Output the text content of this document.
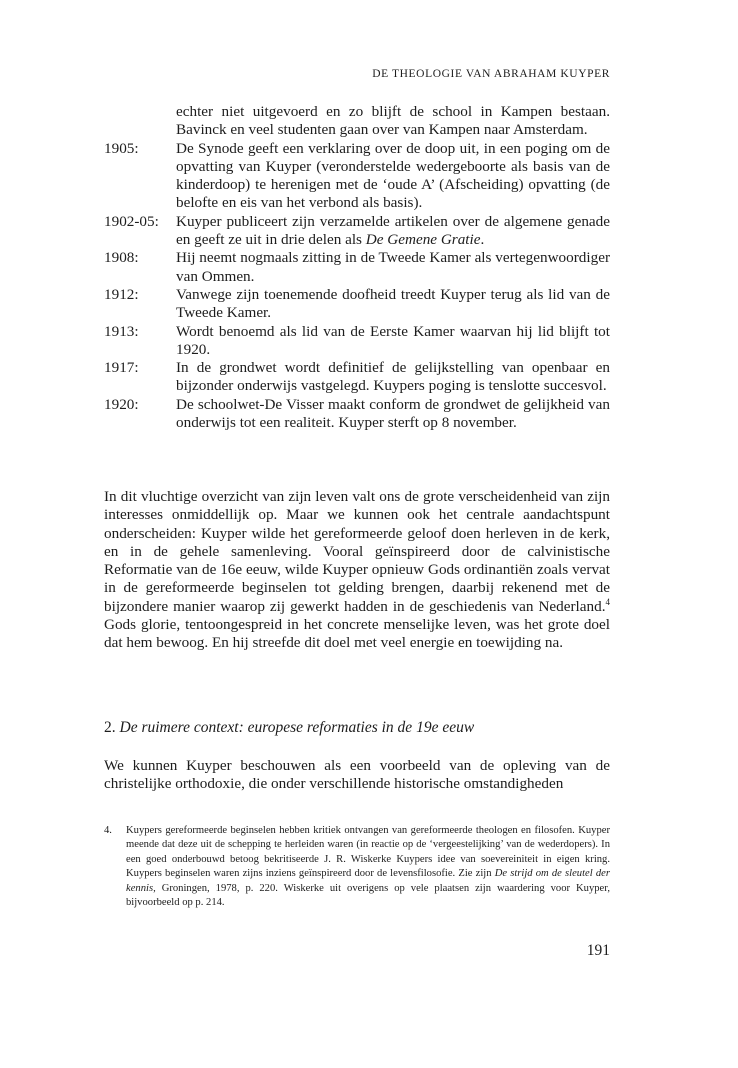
DE THEOLOGIE VAN ABRAHAM KUYPER
echter niet uitgevoerd en zo blijft de school in Kampen bestaan. Bavinck en veel studenten gaan over van Kampen naar Amsterdam.
1905:	De Synode geeft een verklaring over de doop uit, in een poging om de opvatting van Kuyper (veronderstelde wedergeboorte als basis van de kinderdoop) te herenigen met de ‘oude A’ (Afscheiding) opvatting (de belofte en eis van het verbond als basis).
1902-05:	Kuyper publiceert zijn verzamelde artikelen over de algemene genade en geeft ze uit in drie delen als De Gemene Gratie.
1908:	Hij neemt nogmaals zitting in de Tweede Kamer als vertegenwoordiger van Ommen.
1912:	Vanwege zijn toenemende doofheid treedt Kuyper terug als lid van de Tweede Kamer.
1913:	Wordt benoemd als lid van de Eerste Kamer waarvan hij lid blijft tot 1920.
1917:	In de grondwet wordt definitief de gelijkstelling van openbaar en bijzonder onderwijs vastgelegd. Kuypers poging is tenslotte succesvol.
1920:	De schoolwet-De Visser maakt conform de grondwet de gelijkheid van onderwijs tot een realiteit. Kuyper sterft op 8 november.

In dit vluchtige overzicht van zijn leven valt ons de grote verscheidenheid van zijn interesses onmiddellijk op. Maar we kunnen ook het centrale aandachtspunt onderscheiden: Kuyper wilde het gereformeerde geloof doen herleven in de kerk, en in de gehele samenleving. Vooral geïnspireerd door de calvinistische Reformatie van de 16e eeuw, wilde Kuyper opnieuw Gods ordinantiën zoals vervat in de gereformeerde beginselen tot gelding brengen, daarbij rekenend met de bijzondere manier waarop zij gewerkt hadden in de geschiedenis van Nederland.$^4$ Gods glorie, tentoongespreid in het concrete menselijke leven, was het grote doel dat hem bewoog. En hij streefde dit doel met veel energie en toewijding na.

2. De ruimere context: europese reformaties in de 19e eeuw

We kunnen Kuyper beschouwen als een voorbeeld van de opleving van de christelijke orthodoxie, die onder verschillende historische omstandigheden

4.	Kuypers gereformeerde beginselen hebben kritiek ontvangen van gereformeerde theologen en filosofen. Kuyper meende dat deze uit de schepping te herleiden waren (in reactie op de ‘vergeestelijking’ van de wederdopers). In een goed onderbouwd betoog bekritiseerde J. R. Wiskerke Kuypers idee van soevereiniteit in eigen kring. Kuypers beginselen waren zijns inziens geïnspireerd door de levensfilosofie. Zie zijn De strijd om de sleutel der kennis, Groningen, 1978, p. 220. Wiskerke uit overigens op vele plaatsen zijn waardering voor Kuyper, bijvoorbeeld op p. 214.
191
